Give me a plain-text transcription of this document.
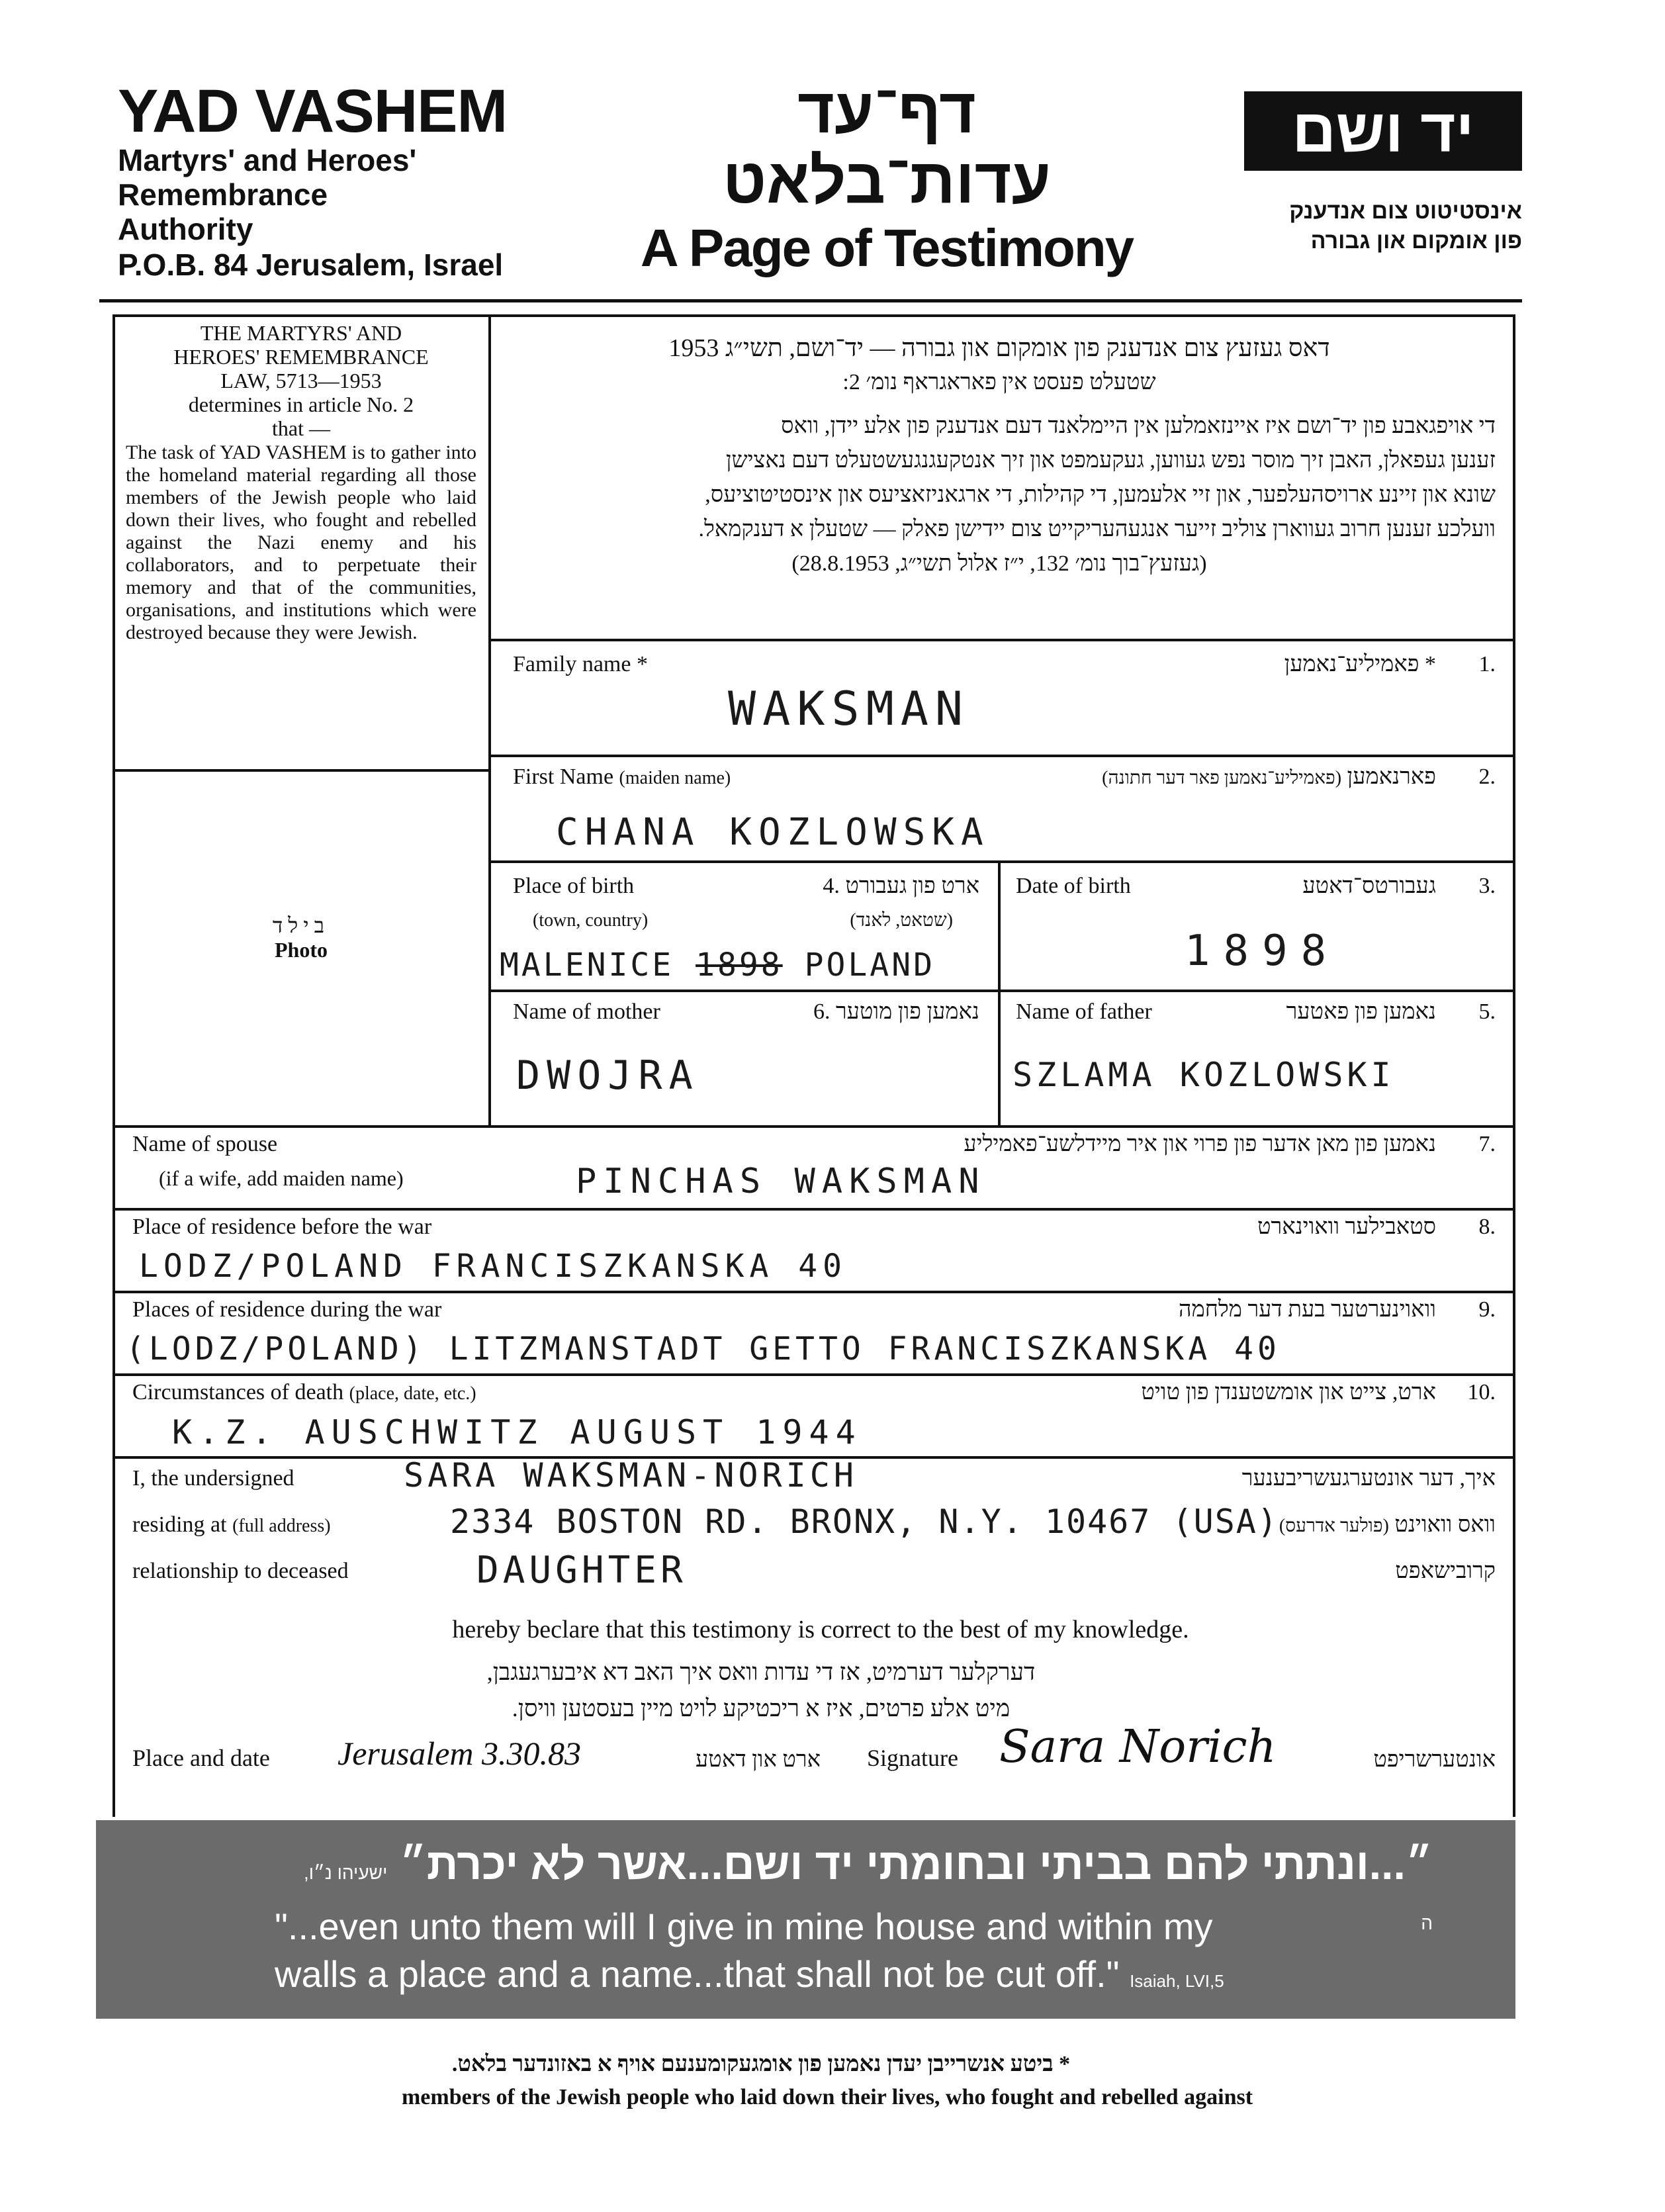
YAD VASHEM
Martyrs' and Heroes'
Remembrance
Authority
P.O.B. 84 Jerusalem, Israel
דף־עד
עדות־בלאט
A Page of Testimony
יד ושם
אינסטיטוט צום אנדענק
פון אומקום און גבורה
THE MARTYRS' AND
HEROES' REMEMBRANCE
LAW, 5713—1953
determines in article No. 2
that —
The task of YAD VASHEM is to gather into the homeland material regarding all those members of the Jewish people who laid down their lives, who fought and rebelled against the Nazi enemy and his collaborators, and to perpetuate their memory and that of the communities, organisations, and institutions which were destroyed because they were Jewish.
בילד
Photo
דאס געזעץ צום אנדענק פון אומקום און גבורה — יד־ושם, תשי״ג 1953
שטעלט פעסט אין פאראגראף נומ׳ 2:
די אויפגאבע פון יד־ושם איז איינזאמלען אין היימלאנד דעם אנדענק פון אלע יידן, וואס
זענען געפאלן, האבן זיך מוסר נפש געווען, געקעמפט און זיך אנטקעגנגעשטעלט דעם נאצישן
שונא און זיינע ארויסהעלפער, און זיי אלעמען, די קהילות, די ארגאניזאציעס און אינסטיטוציעס,
וועלכע זענען חרוב געווארן צוליב זייער אנגעהעריקייט צום יידישן פאלק — שטעלן א דענקמאל.
(געזעץ־בוך נומ׳ 132, י״ז אלול תשי״ג, 28.8.1953)
Family name *	* פאמיליע־נאמען	.1
WAKSMAN
First Name (maiden name)	פארנאמען (פאמיליע־נאמען פאר דער חתונה)	.2
CHANA KOZLOWSKA
Place of birth	ארט פון געבורט .4
(town, country)	(שטאט, לאנד)
MALENICE 1898 POLAND
Date of birth	געבורטס־דאטע	.3
1898
Name of mother	נאמען פון מוטער .6
DWOJRA
Name of father	נאמען פון פאטער	.5
SZLAMA KOZLOWSKI
Name of spouse
(if a wife, add maiden name)
נאמען פון מאן אדער פון פרוי און איר מיידלשע־פאמיליע	.7
PINCHAS WAKSMAN
Place of residence before the war	סטאבילער וואוינארט	.8
LODZ/POLAND FRANCISZKANSKA 40
Places of residence during the war	וואוינערטער בעת דער מלחמה	.9
(LODZ/POLAND) LITZMANSTADT GETTO FRANCISZKANSKA 40
Circumstances of death (place, date, etc.)	ארט, צייט און אומשטענדן פון טויט	.10
K.Z. AUSCHWITZ AUGUST 1944
I, the undersigned	SARA WAKSMAN-NORICH	איך, דער אונטערגעשריבענער
residing at (full address)	2334 BOSTON RD. BRONX, N.Y. 10467 (USA)	וואס וואוינט (פולער אדרעס)
relationship to deceased	DAUGHTER	קרובישאפט
hereby beclare that this testimony is correct to the best of my knowledge.
דערקלער דערמיט, אז די עדות וואס איך האב דא איבערגעגבן,
מיט אלע פרטים, איז א ריכטיקע לויט מיין בעסטען וויסן.
Place and date Jerusalem 3.30.83	ארט און דאטע Signature Sara Norich	אונטערשריפט
״...ונתתי להם בביתי ובחומתי יד ושם...אשר לא יכרת״ ישעיהו נ״ו, ה
"...even unto them will I give in mine house and within my
walls a place and a name...that shall not be cut off." Isaiah, LVI,5
* ביטע אנשרייבן יעדן נאמען פון אומגעקומענעם אויף א באזונדער בלאט.
members of the Jewish people who laid down their lives, who fought and rebelled against
